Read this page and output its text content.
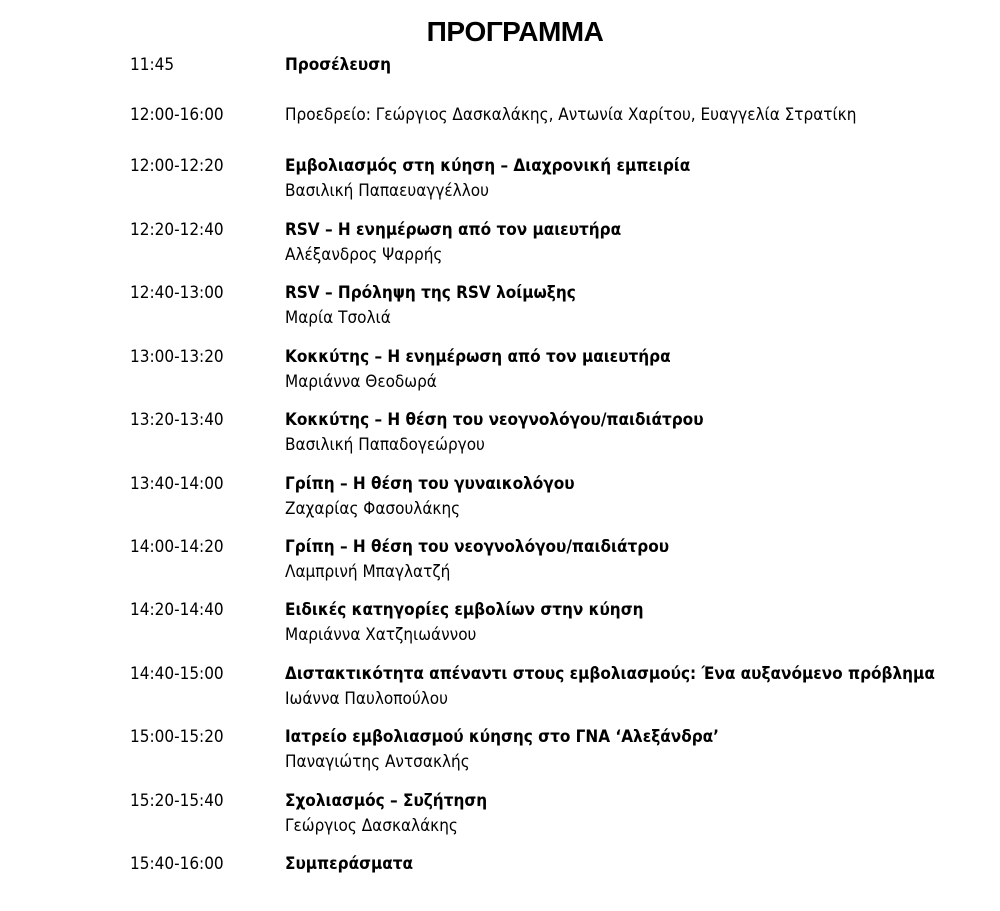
ΠΡΟΓΡΑΜΜΑ
11:45	Προσέλευση
12:00-16:00	Προεδρείο: Γεώργιος Δασκαλάκης, Αντωνία Χαρίτου, Ευαγγελία Στρατίκη
12:00-12:20	Εμβολιασμός στη κύηση – Διαχρονική εμπειρία
Βασιλική Παπαευαγγέλλου
12:20-12:40	RSV – Η ενημέρωση από τον μαιευτήρα
Αλέξανδρος Ψαρρής
12:40-13:00	RSV – Πρόληψη της RSV λοίμωξης
Μαρία Τσολιά
13:00-13:20	Κοκκύτης – Η ενημέρωση από τον μαιευτήρα
Μαριάννα Θεοδωρά
13:20-13:40	Κοκκύτης – Η θέση του νεογνολόγου/παιδιάτρου
Βασιλική Παπαδογεώργου
13:40-14:00	Γρίπη – Η θέση του γυναικολόγου
Ζαχαρίας Φασουλάκης
14:00-14:20	Γρίπη – Η θέση του νεογνολόγου/παιδιάτρου
Λαμπρινή Μπαγλατζή
14:20-14:40	Ειδικές κατηγορίες εμβολίων στην κύηση
Μαριάννα Χατζηιωάννου
14:40-15:00	Διστακτικότητα απέναντι στους εμβολιασμούς: Ένα αυξανόμενο πρόβλημα
Ιωάννα Παυλοπούλου
15:00-15:20	Ιατρείο εμβολιασμού κύησης στο ΓΝΑ ‘Αλεξάνδρα’
Παναγιώτης Αντσακλής
15:20-15:40	Σχολιασμός – Συζήτηση
Γεώργιος Δασκαλάκης
15:40-16:00	Συμπεράσματα
